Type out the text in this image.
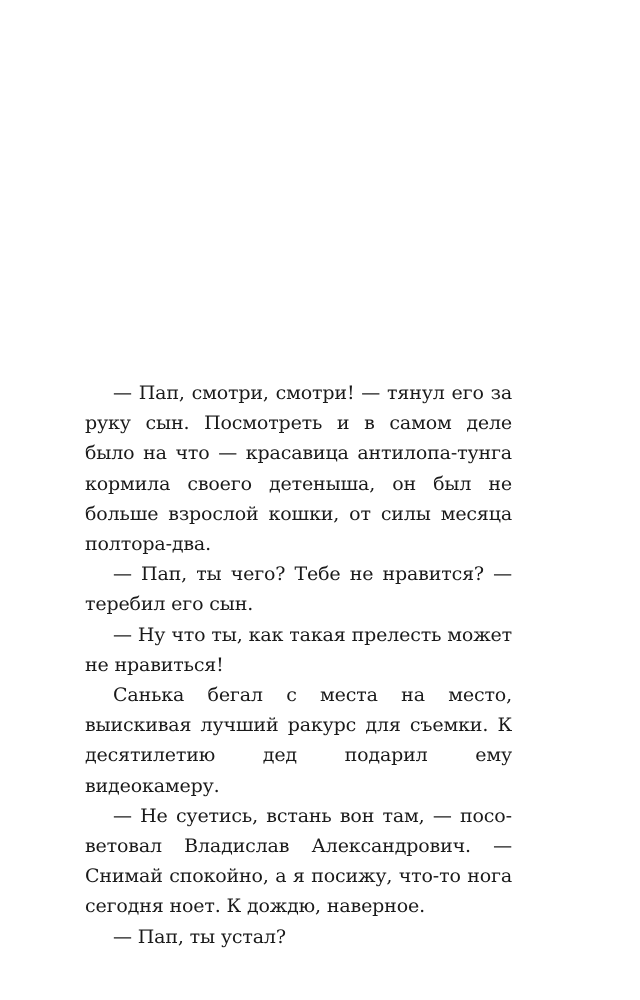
— Пап, смотри, смотри! — тянул его за руку сын. Посмотреть и в самом деле было на что — красавица антилопа-тунга кормила своего детеныша, он был не больше взрослой кошки, от силы месяца полтора-два.

— Пап, ты чего? Тебе не нравится? — теребил его сын.

— Ну что ты, как такая прелесть может не нравиться!

Санька бегал с места на место, выискивая лучший ракурс для съемки. К десятилетию дед подарил ему видеокамеру.

— Не суетись, встань вон там, — посоветовал Владислав Александрович. — Снимай спокойно, а я посижу, что-то нога сегодня ноет. К дождю, наверное.

— Пап, ты устал?
